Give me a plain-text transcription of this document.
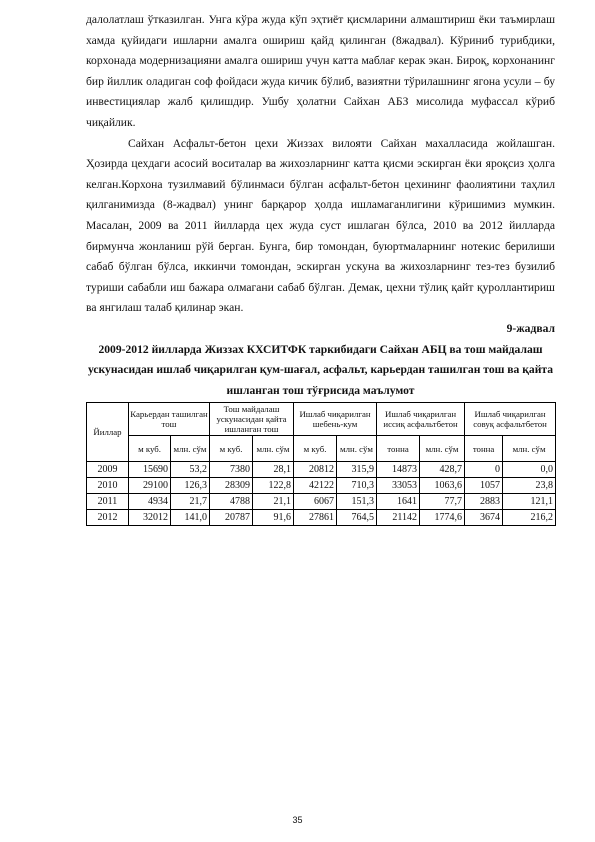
далолатлаш ўтказилган. Унга кўра жуда кўп эҳтиёт қисмларини алмаштириш ёки таъмирлаш хамда қуйидаги ишларни амалга ошириш қайд қилинган (8жадвал). Кўриниб турибдики, корхонада модернизацияни амалга ошириш учун катта маблағ керак экан. Бироқ, корхонанинг бир йиллик оладиган соф фойдаси жуда кичик бўлиб, вазиятни тўрилашнинг ягона усули – бу инвестициялар жалб қилишдир. Ушбу ҳолатни Сайхан АБЗ мисолида муфассал кўриб чиқайлик.

Сайхан Асфальт-бетон цехи Жиззах вилояти Сайхан махалласида жойлашган. Ҳозирда цехдаги асосий воситалар ва жихозларнинг катта қисми эскирган ёки яроқсиз ҳолга келган.Корхона тузилмавий бўлинмаси бўлган асфальт-бетон цехининг фаолиятини таҳлил қилганимизда (8-жадвал) унинг барқарор ҳолда ишламаганлигини кўришимиз мумкин. Масалан, 2009 ва 2011 йилларда цех жуда суст ишлаган бўлса, 2010 ва 2012 йилларда бирмунча жонланиш рўй берган. Бунга, бир томондан, буюртмаларнинг нотекис берилиши сабаб бўлган бўлса, иккинчи томондан, эскирган ускуна ва жихозларнинг тез-тез бузилиб туриши сабабли иш бажара олмагани сабаб бўлган. Демак, цехни тўлиқ қайт қуроллантириш ва янгилаш талаб қилинар экан.

9-жадвал

2009-2012 йилларда Жиззах КХСИТФК таркибидаги Сайхан АБЦ ва тош майдалаш ускунасидан ишлаб чиқарилган қум-шағал, асфальт, карьердан ташилган тош ва қайта ишланган тош тўғрисида маълумот

Йиллар	Карьердан ташилган тош		Тош майдалаш ускунасидан қайта ишланган тош		Ишлаб чиқарилган шебень-кум		Ишлаб чиқарилган иссиқ асфальтбетон		Ишлаб чиқарилган совуқ асфальтбетон	
	м куб.	млн. сўм	м куб.	млн. сўм	м куб.	млн. сўм	тонна	млн. сўм	тонна	млн. сўм
2009	15690	53,2	7380	28,1	20812	315,9	14873	428,7	0	0,0
2010	29100	126,3	28309	122,8	42122	710,3	33053	1063,6	1057	23,8
2011	4934	21,7	4788	21,1	6067	151,3	1641	77,7	2883	121,1
2012	32012	141,0	20787	91,6	27861	764,5	21142	1774,6	3674	216,2
35
